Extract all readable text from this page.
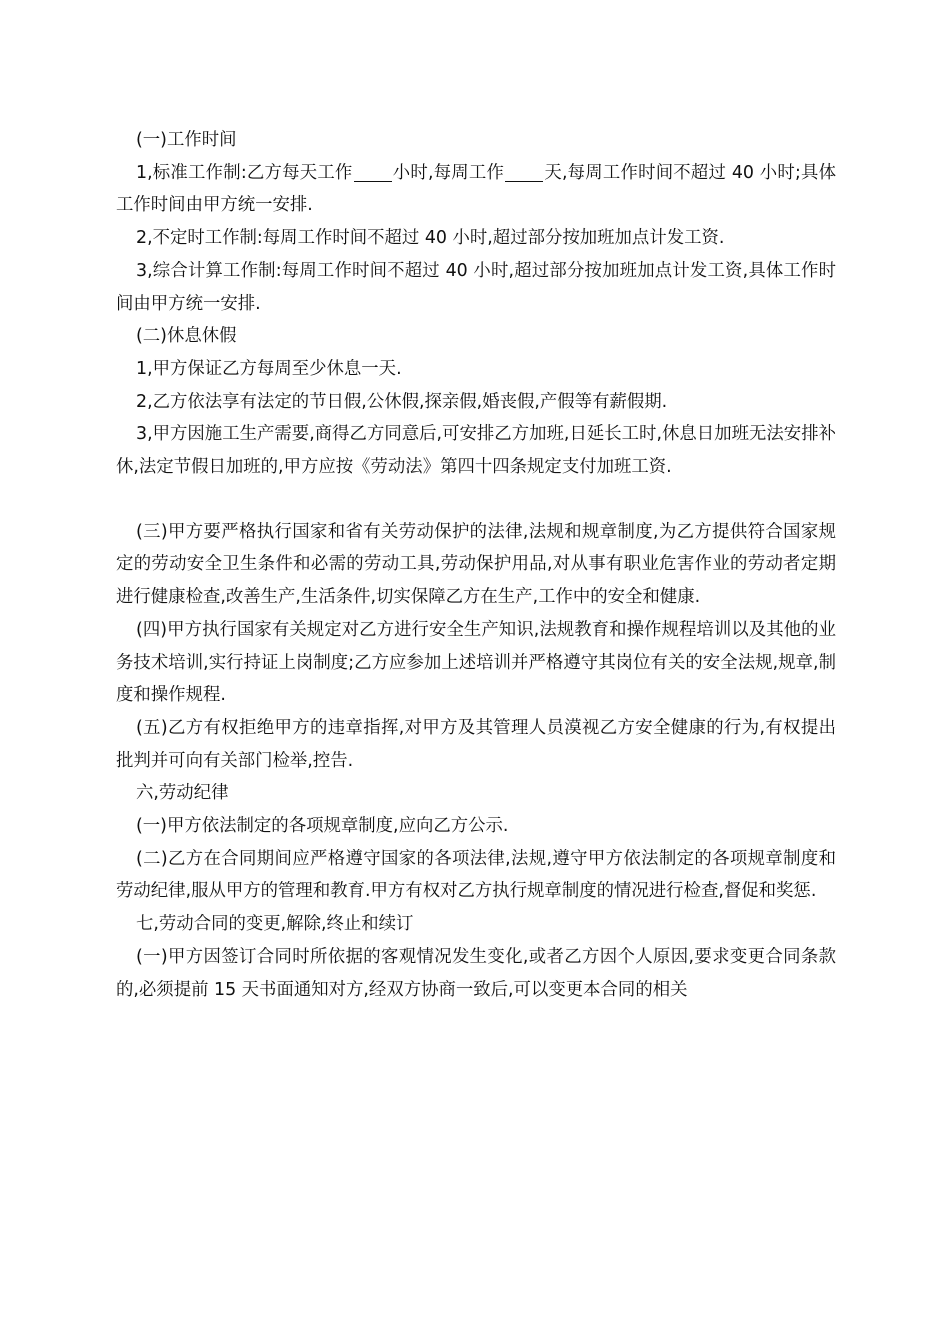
(一)工作时间

1,标准工作制:乙方每天工作 小时,每周工作 天,每周工作时间不超过 40 小时;具体工作时间由甲方统一安排.

2,不定时工作制:每周工作时间不超过 40 小时,超过部分按加班加点计发工资.

3,综合计算工作制:每周工作时间不超过 40 小时,超过部分按加班加点计发工资,具体工作时间由甲方统一安排.

(二)休息休假

1,甲方保证乙方每周至少休息一天.

2,乙方依法享有法定的节日假,公休假,探亲假,婚丧假,产假等有薪假期.

3,甲方因施工生产需要,商得乙方同意后,可安排乙方加班,日延长工时,休息日加班无法安排补休,法定节假日加班的,甲方应按《劳动法》第四十四条规定支付加班工资.

(三)甲方要严格执行国家和省有关劳动保护的法律,法规和规章制度,为乙方提供符合国家规定的劳动安全卫生条件和必需的劳动工具,劳动保护用品,对从事有职业危害作业的劳动者定期进行健康检查,改善生产,生活条件,切实保障乙方在生产,工作中的安全和健康.

(四)甲方执行国家有关规定对乙方进行安全生产知识,法规教育和操作规程培训以及其他的业务技术培训,实行持证上岗制度;乙方应参加上述培训并严格遵守其岗位有关的安全法规,规章,制度和操作规程.

(五)乙方有权拒绝甲方的违章指挥,对甲方及其管理人员漠视乙方安全健康的行为,有权提出批判并可向有关部门检举,控告.

六,劳动纪律

(一)甲方依法制定的各项规章制度,应向乙方公示.

(二)乙方在合同期间应严格遵守国家的各项法律,法规,遵守甲方依法制定的各项规章制度和劳动纪律,服从甲方的管理和教育.甲方有权对乙方执行规章制度的情况进行检查,督促和奖惩.

七,劳动合同的变更,解除,终止和续订

(一)甲方因签订合同时所依据的客观情况发生变化,或者乙方因个人原因,要求变更合同条款的,必须提前 15 天书面通知对方,经双方协商一致后,可以变更本合同的相关
